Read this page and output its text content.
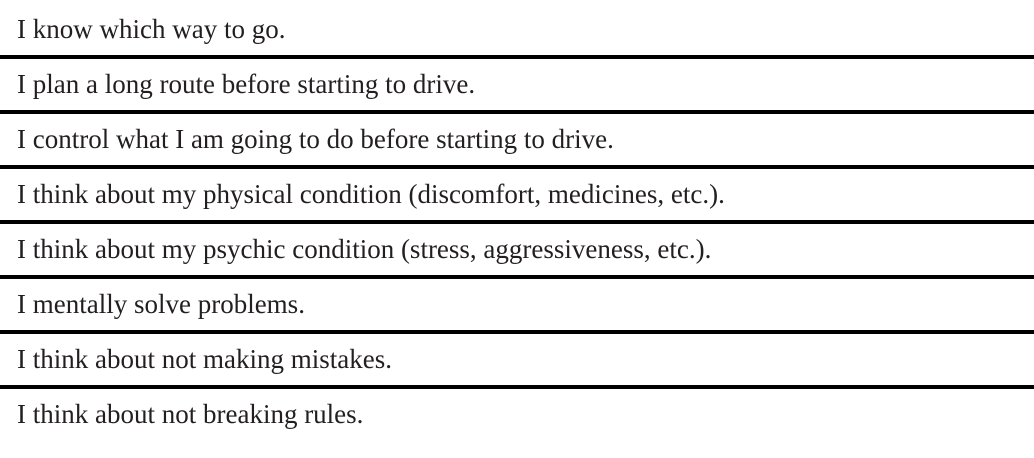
I know which way to go.
I plan a long route before starting to drive.
I control what I am going to do before starting to drive.
I think about my physical condition (discomfort, medicines, etc.).
I think about my psychic condition (stress, aggressiveness, etc.).
I mentally solve problems.
I think about not making mistakes.
I think about not breaking rules.
